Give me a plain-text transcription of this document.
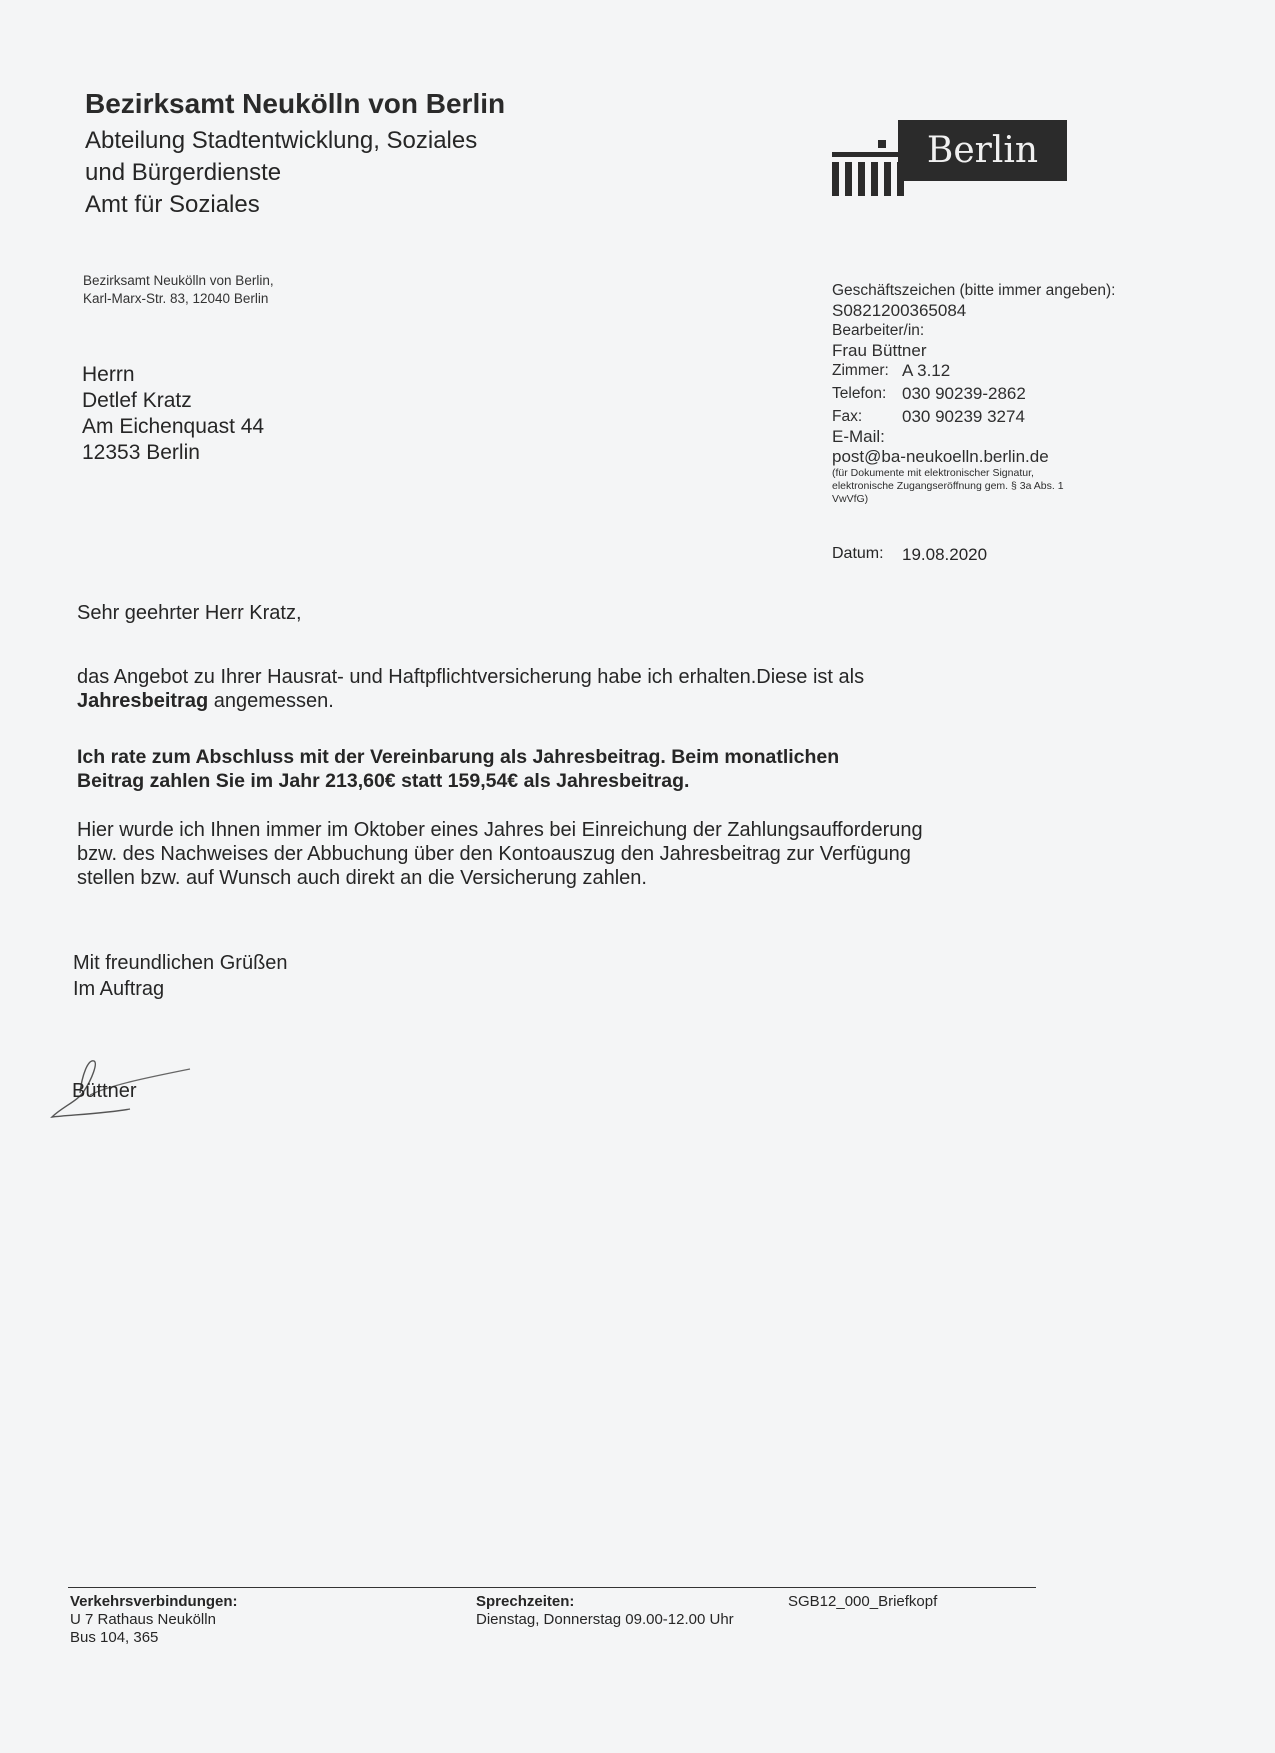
Bezirksamt Neukölln von Berlin
Abteilung Stadtentwicklung, Soziales
und Bürgerdienste
Amt für Soziales
Berlin
Bezirksamt Neukölln von Berlin,
Karl-Marx-Str. 83, 12040 Berlin
Herrn
Detlef Kratz
Am Eichenquast 44
12353 Berlin
Geschäftszeichen (bitte immer angeben):
S0821200365084
Bearbeiter/in:
Frau Büttner
Zimmer: A 3.12
Telefon: 030 90239-2862
Fax:	030 90239 3274
E-Mail:
post@ba-neukoelln.berlin.de
(für Dokumente mit elektronischer Signatur,
elektronische Zugangseröffnung gem. § 3a Abs. 1
VwVfG)
Datum:	19.08.2020
Sehr geehrter Herr Kratz,
das Angebot zu Ihrer Hausrat- und Haftpflichtversicherung habe ich erhalten.Diese ist als
Jahresbeitrag angemessen.
Ich rate zum Abschluss mit der Vereinbarung als Jahresbeitrag. Beim monatlichen
Beitrag zahlen Sie im Jahr 213,60€ statt 159,54€ als Jahresbeitrag.
Hier wurde ich Ihnen immer im Oktober eines Jahres bei Einreichung der Zahlungsaufforderung
bzw. des Nachweises der Abbuchung über den Kontoauszug den Jahresbeitrag zur Verfügung
stellen bzw. auf Wunsch auch direkt an die Versicherung zahlen.
Mit freundlichen Grüßen
Im Auftrag
Büttner
Verkehrsverbindungen:
U 7 Rathaus Neukölln
Bus 104, 365
Sprechzeiten:
Dienstag, Donnerstag 09.00-12.00 Uhr
SGB12_000_Briefkopf
